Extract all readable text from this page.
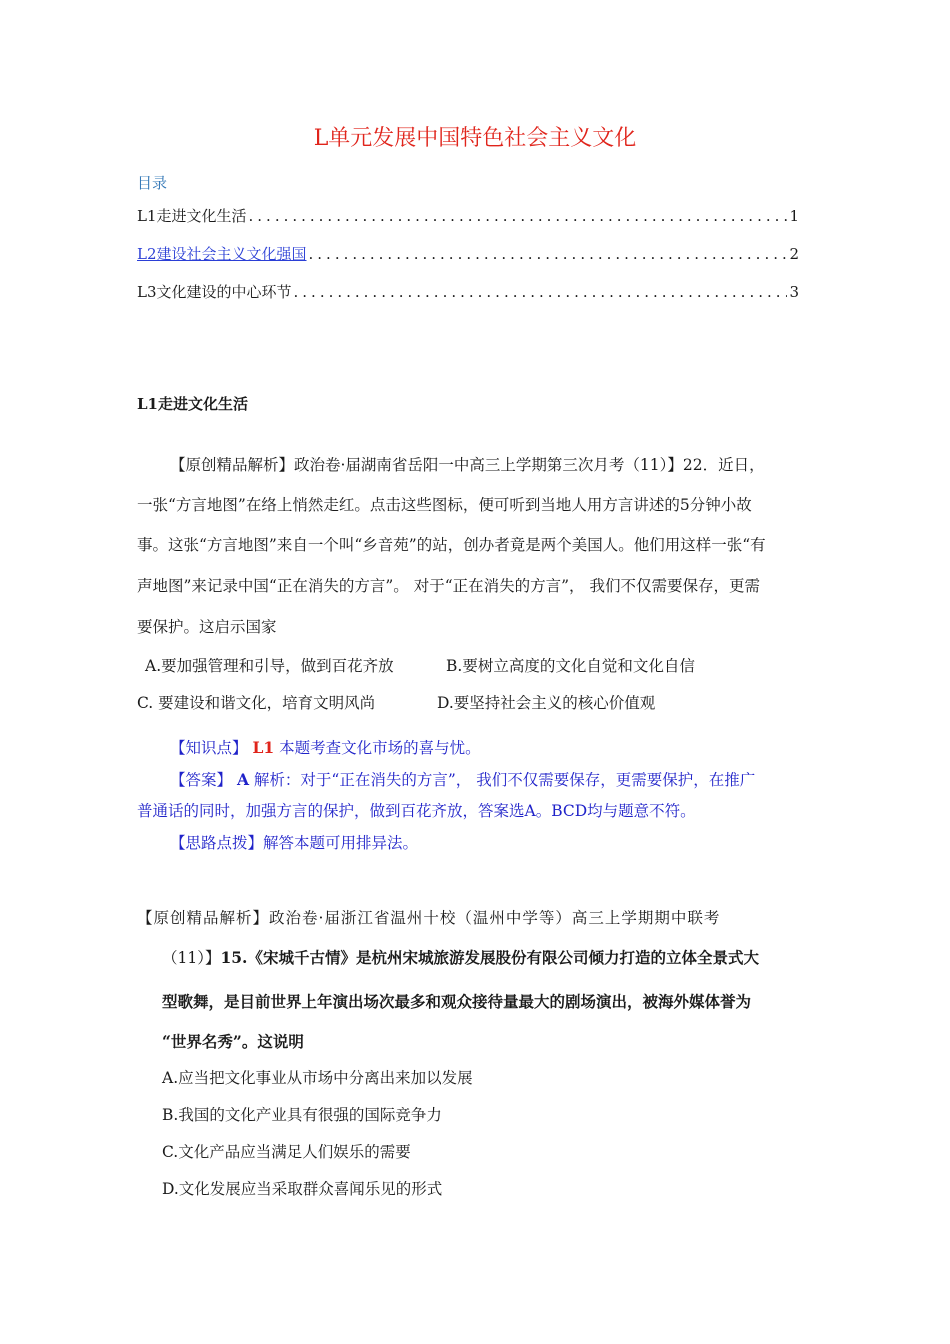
L单元发展中国特色社会主义文化
目录
L1走进文化生活 .....	1
L2建设社会主义文化强国 .....	2
L3文化建设的中心环节 .....	3
L1走进文化生活
【原创精品解析】政治卷·届湖南省岳阳一中高三上学期第三次月考（11）】22．近日，
一张“方言地图”在络上悄然走红。点击这些图标，便可听到当地人用方言讲述的5分钟小故
事。这张“方言地图”来自一个叫“乡音苑”的站，创办者竟是两个美国人。他们用这样一张“有
声地图”来记录中国“正在消失的方言”。 对于“正在消失的方言”， 我们不仅需要保存，更需
要保护。这启示国家
A.要加强管理和引导，做到百花齐放	B.要树立高度的文化自觉和文化自信
C. 要建设和谐文化，培育文明风尚	D.要坚持社会主义的核心价值观
【知识点】 L1 本题考查文化市场的喜与忧。
【答案】 A 解析：对于“正在消失的方言”， 我们不仅需要保存，更需要保护，在推广
普通话的同时，加强方言的保护，做到百花齐放，答案选A。BCD均与题意不符。
【思路点拨】解答本题可用排异法。
【原创精品解析】政治卷·届浙江省温州十校（温州中学等）高三上学期期中联考
（11）】15.《宋城千古情》是杭州宋城旅游发展股份有限公司倾力打造的立体全景式大
型歌舞，是目前世界上年演出场次最多和观众接待量最大的剧场演出，被海外媒体誉为
“世界名秀”。这说明
A.应当把文化事业从市场中分离出来加以发展
B.我国的文化产业具有很强的国际竞争力
C.文化产品应当满足人们娱乐的需要
D.文化发展应当采取群众喜闻乐见的形式
